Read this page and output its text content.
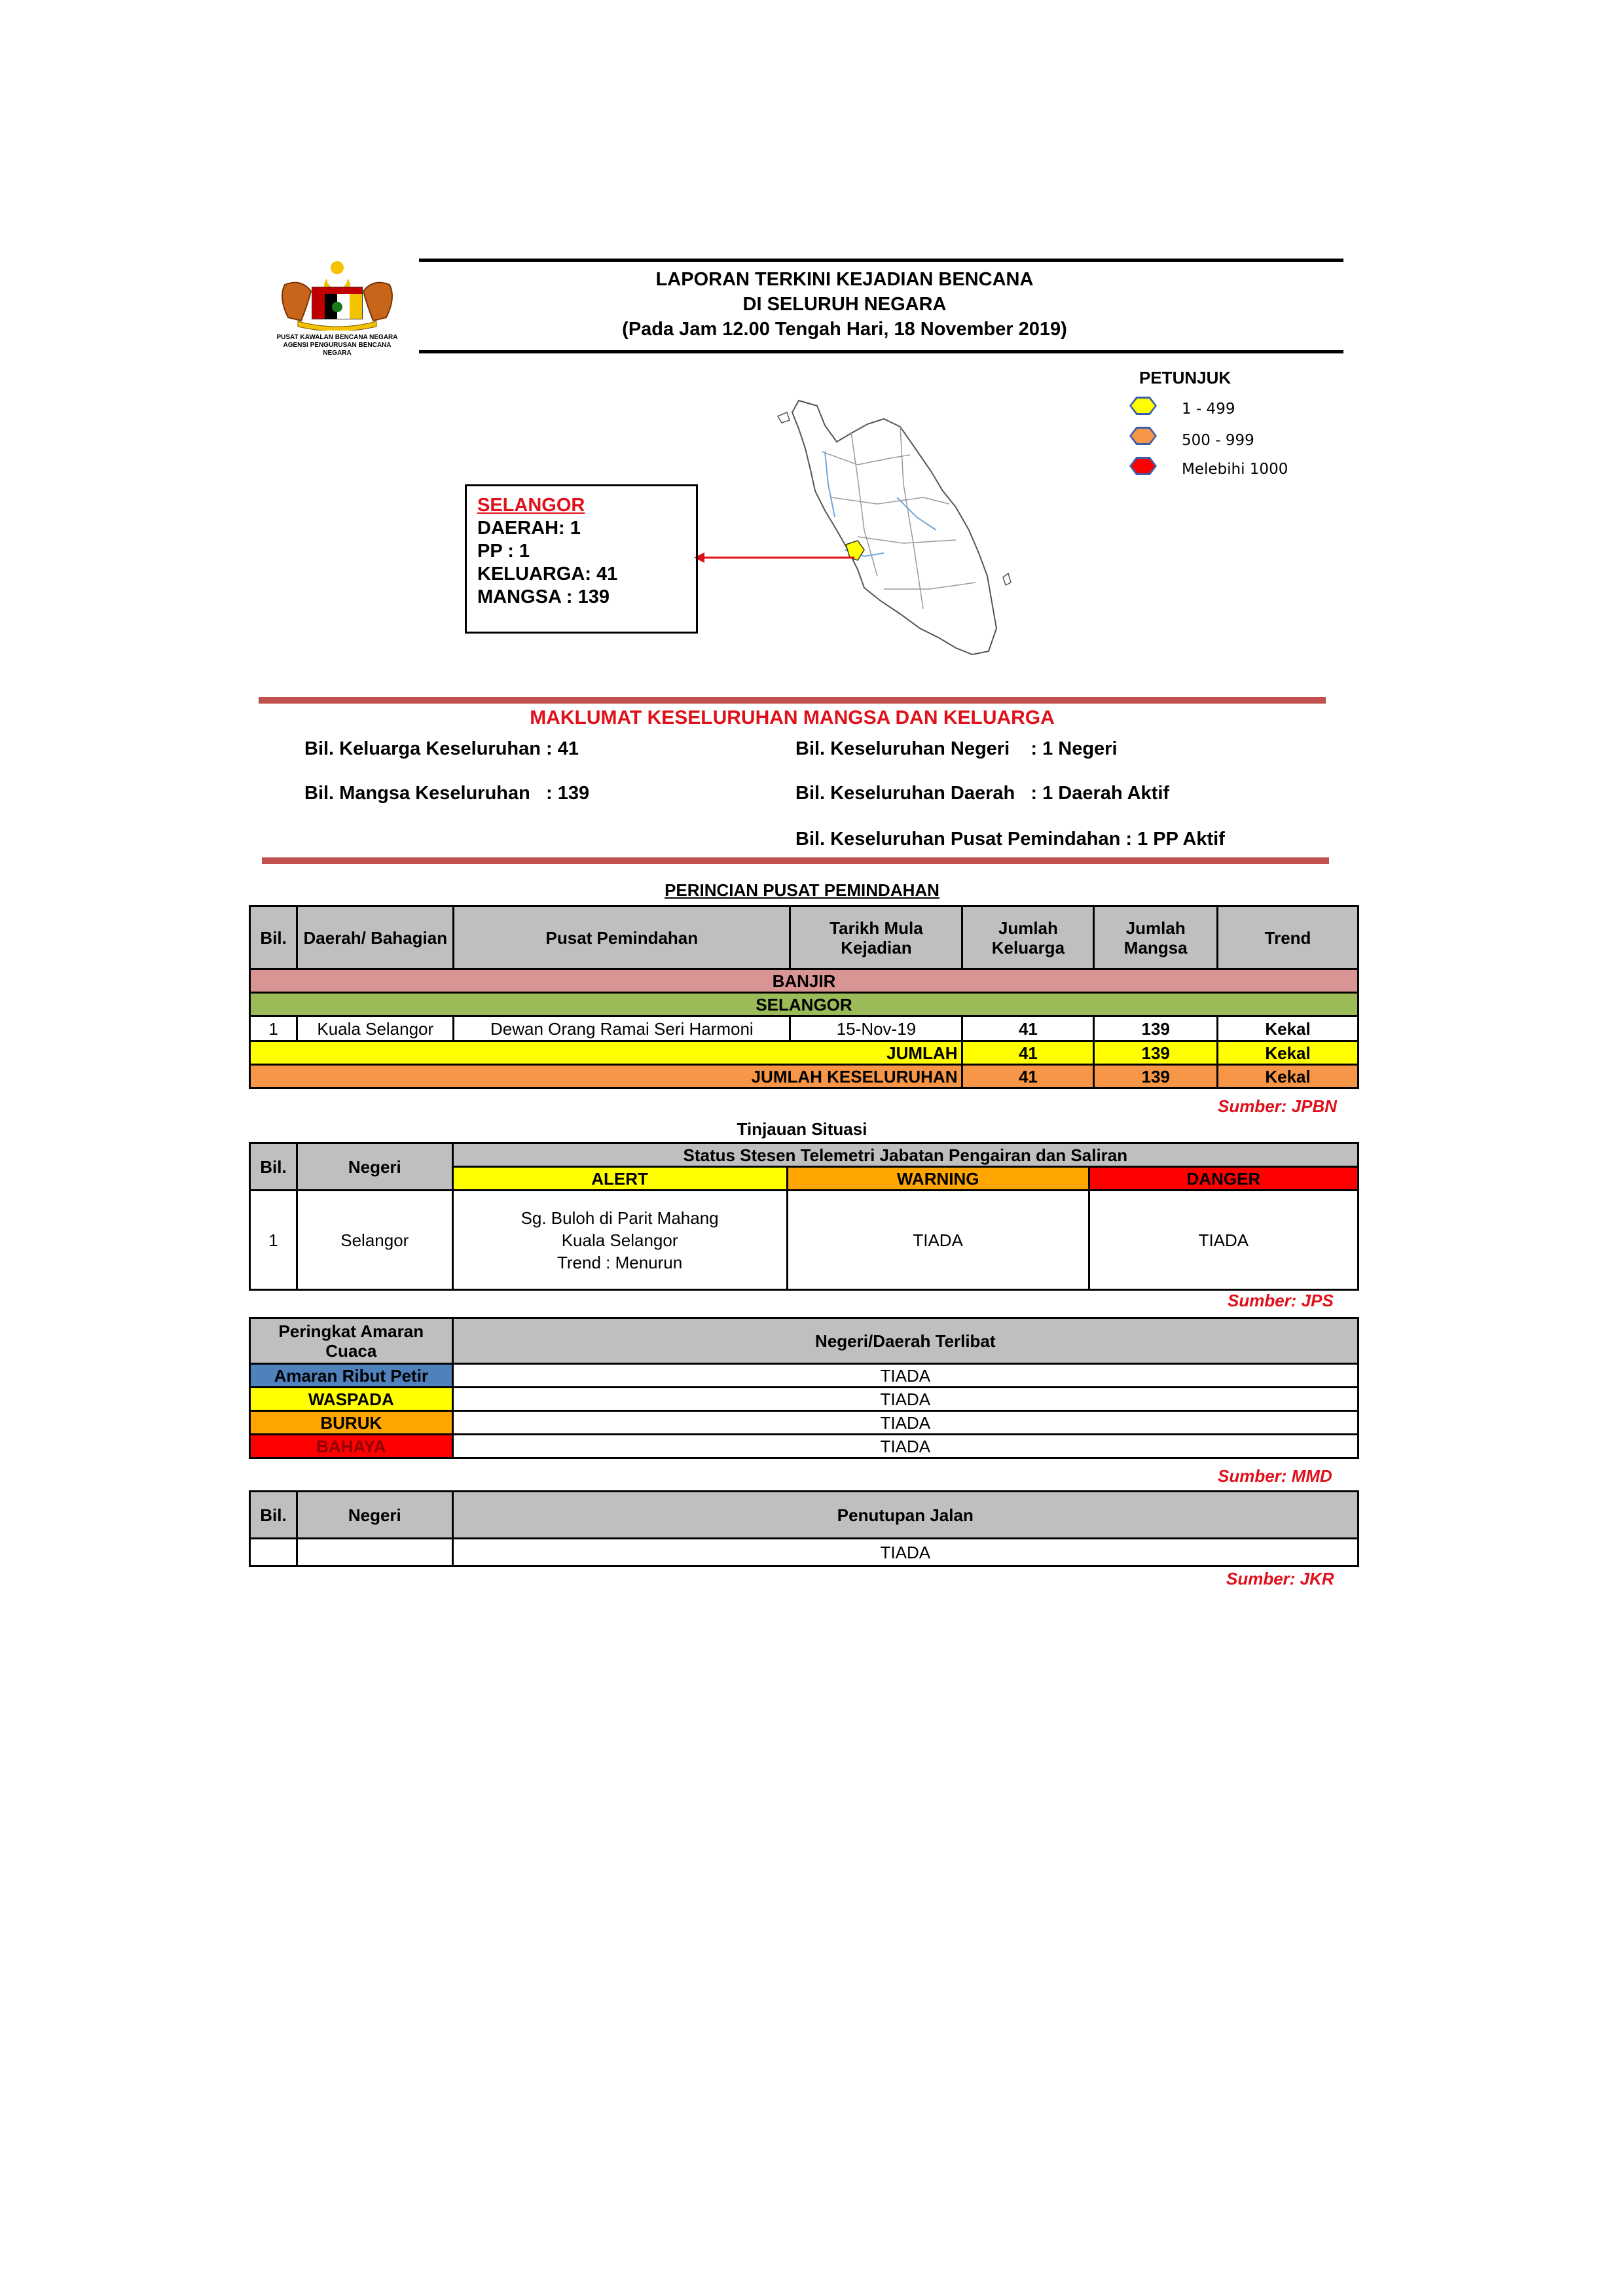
PUSAT KAWALAN BENCANA NEGARA
AGENSI PENGURUSAN BENCANA NEGARA
LAPORAN TERKINI KEJADIAN BENCANA
DI SELURUH NEGARA
(Pada Jam 12.00 Tengah Hari, 18 November 2019)
PETUNJUK
1 - 499
500 - 999
Melebihi 1000
SELANGOR
DAERAH: 1
PP : 1
KELUARGA: 41
MANGSA : 139
MAKLUMAT KESELURUHAN MANGSA DAN KELUARGA
Bil. Keluarga Keseluruhan : 41
Bil. Mangsa Keseluruhan   : 139
Bil. Keseluruhan Negeri    : 1 Negeri
Bil. Keseluruhan Daerah   : 1 Daerah Aktif
Bil. Keseluruhan Pusat Pemindahan : 1 PP Aktif
PERINCIAN PUSAT PEMINDAHAN
Bil.	Daerah/ Bahagian	Pusat Pemindahan	Tarikh Mula Kejadian	Jumlah Keluarga	Jumlah Mangsa	Trend
BANJIR						
SELANGOR						
1	Kuala Selangor	Dewan Orang Ramai Seri Harmoni	15-Nov-19	41	139	Kekal
JUMLAH				41	139	Kekal
JUMLAH KESELURUHAN				41	139	Kekal
Sumber: JPBN
Tinjauan Situasi
Bil.	Negeri	Status Stesen Telemetri Jabatan Pengairan dan Saliran		
		ALERT	WARNING	DANGER
1	Selangor	Sg. Buloh di Parit Mahang
Kuala Selangor
Trend : Menurun	TIADA	TIADA
Sumber: JPS
Peringkat Amaran Cuaca	Negeri/Daerah Terlibat
Amaran Ribut Petir	TIADA
WASPADA	TIADA
BURUK	TIADA
BAHAYA	TIADA
Sumber: MMD
Bil.	Negeri	Penutupan Jalan
		TIADA
Sumber: JKR
